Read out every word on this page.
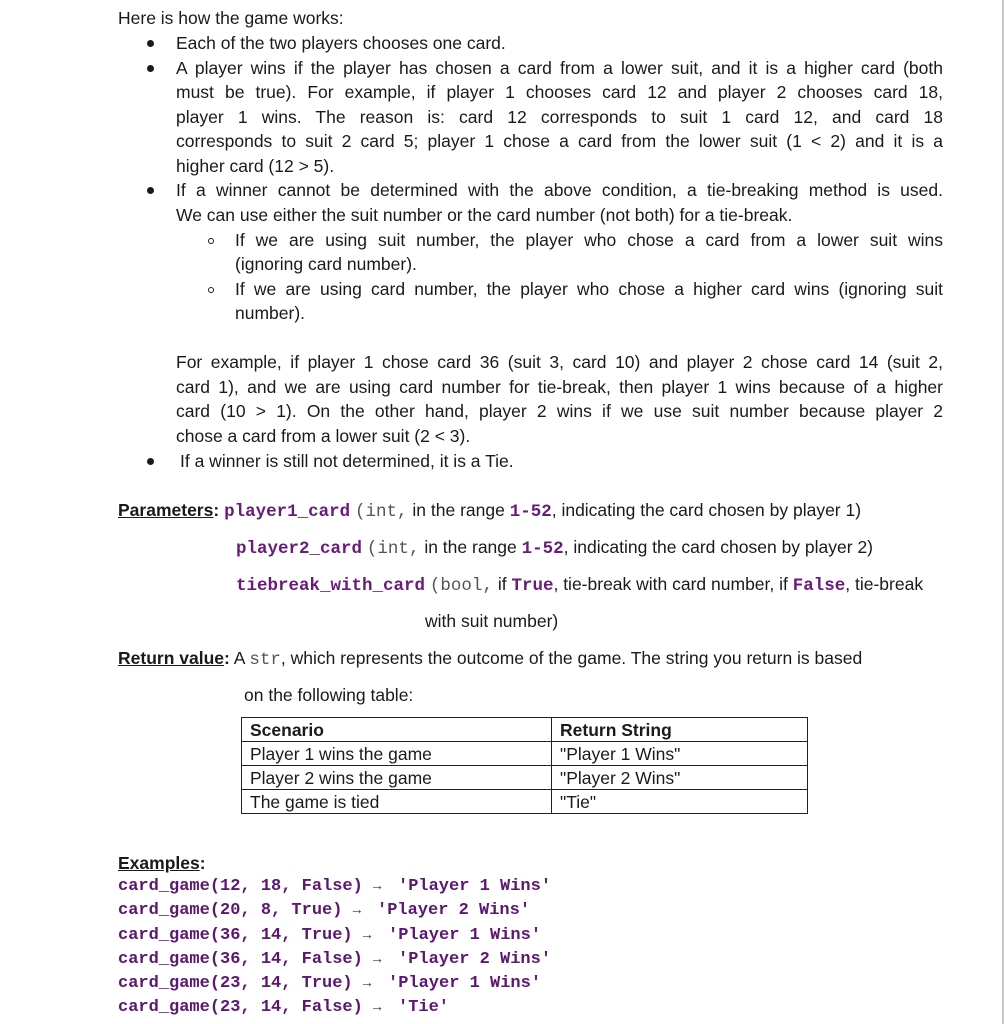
Here is how the game works:
Each of the two players chooses one card.
A player wins if the player has chosen a card from a lower suit, and it is a higher card (both
must be true). For example, if player 1 chooses card 12 and player 2 chooses card 18,
player 1 wins. The reason is: card 12 corresponds to suit 1 card 12, and card 18
corresponds to suit 2 card 5; player 1 chose a card from the lower suit (1 < 2) and it is a
higher card (12 > 5).
If a winner cannot be determined with the above condition, a tie-breaking method is used.
We can use either the suit number or the card number (not both) for a tie-break.
If we are using suit number, the player who chose a card from a lower suit wins
(ignoring card number).
If we are using card number, the player who chose a higher card wins (ignoring suit
number).
For example, if player 1 chose card 36 (suit 3, card 10) and player 2 chose card 14 (suit 2,
card 1), and we are using card number for tie-break, then player 1 wins because of a higher
card (10 > 1). On the other hand, player 2 wins if we use suit number because player 2
chose a card from a lower suit (2 < 3).
If a winner is still not determined, it is a Tie.
Parameters: player1_card (int, in the range 1-52, indicating the card chosen by player 1)
player2_card (int, in the range 1-52, indicating the card chosen by player 2)
tiebreak_with_card (bool, if True, tie-break with card number, if False, tie-break
with suit number)
Return value: A str, which represents the outcome of the game. The string you return is based
on the following table:
Scenario	Return String
Player 1 wins the game	"Player 1 Wins"
Player 2 wins the game	"Player 2 Wins"
The game is tied	"Tie"
Examples:
card_game(12, 18, False) → 'Player 1 Wins'
card_game(20, 8, True) → 'Player 2 Wins'
card_game(36, 14, True) → 'Player 1 Wins'
card_game(36, 14, False) → 'Player 2 Wins'
card_game(23, 14, True) → 'Player 1 Wins'
card_game(23, 14, False) → 'Tie'
